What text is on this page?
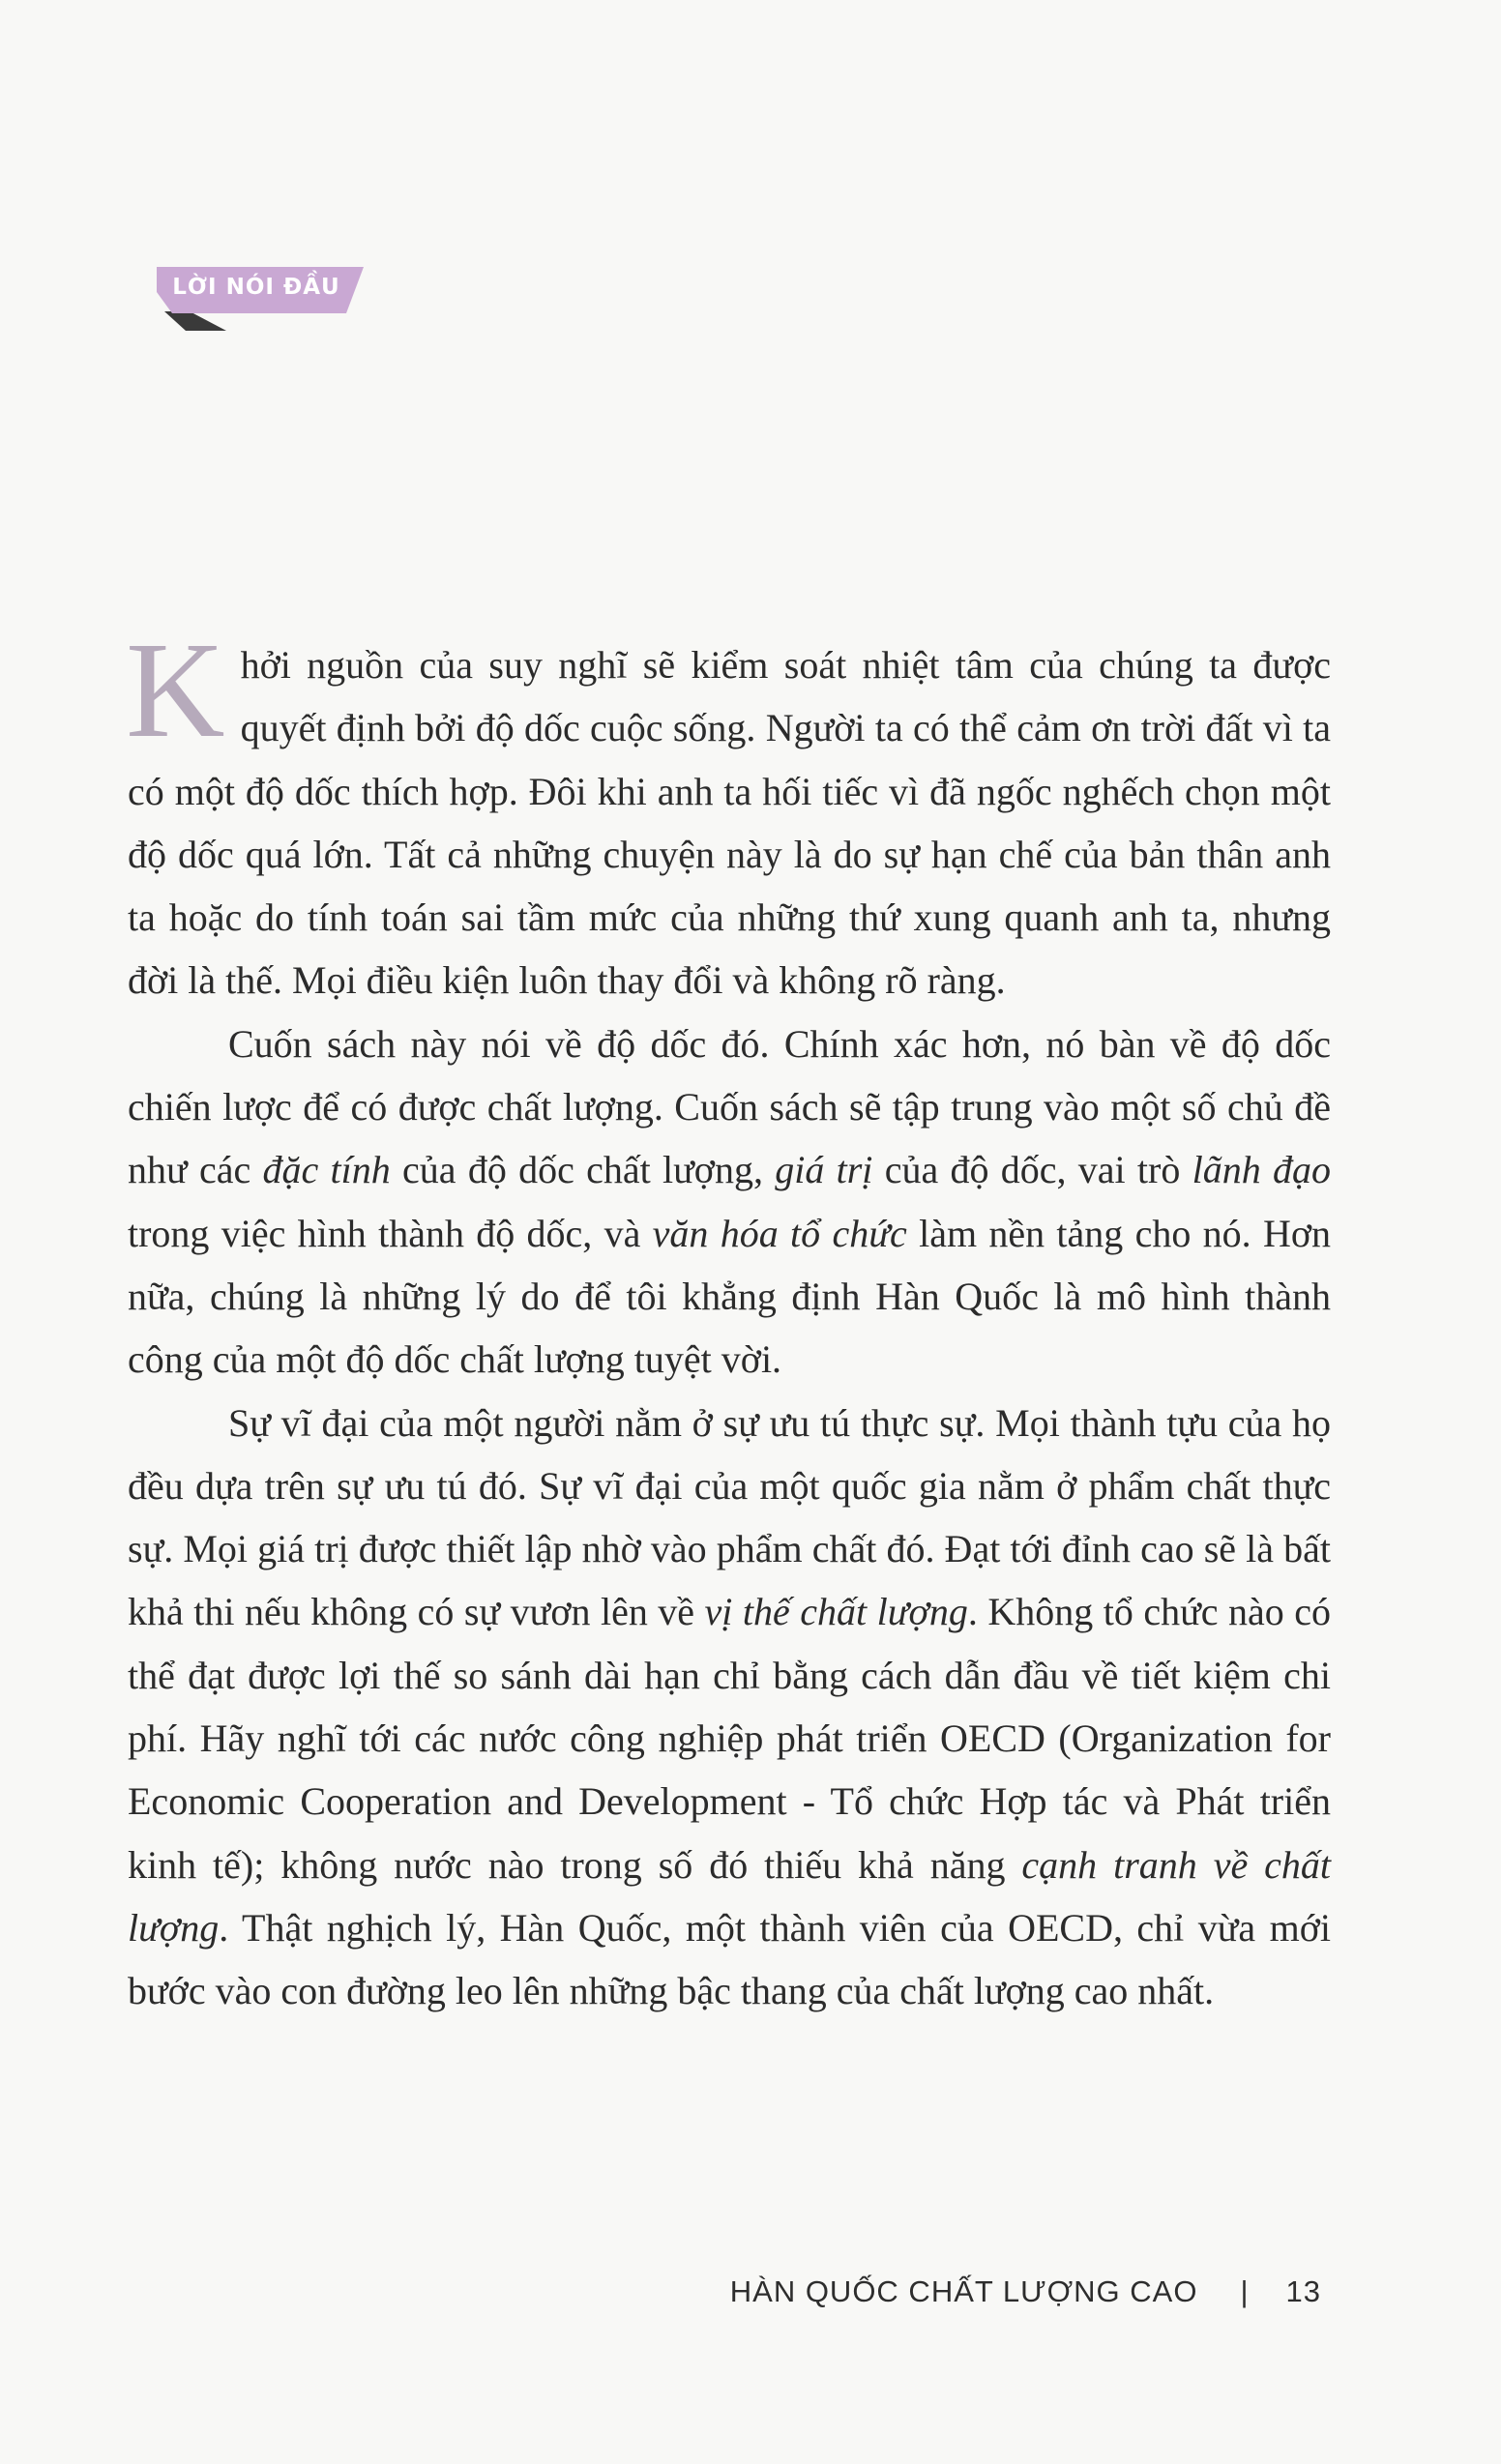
LỜI NÓI ĐẦU

Khởi nguồn của suy nghĩ sẽ kiểm soát nhiệt tâm của chúng ta được quyết định bởi độ dốc cuộc sống. Người ta có thể cảm ơn trời đất vì ta có một độ dốc thích hợp. Đôi khi anh ta hối tiếc vì đã ngốc nghếch chọn một độ dốc quá lớn. Tất cả những chuyện này là do sự hạn chế của bản thân anh ta hoặc do tính toán sai tầm mức của những thứ xung quanh anh ta, nhưng đời là thế. Mọi điều kiện luôn thay đổi và không rõ ràng.

Cuốn sách này nói về độ dốc đó. Chính xác hơn, nó bàn về độ dốc chiến lược để có được chất lượng. Cuốn sách sẽ tập trung vào một số chủ đề như các đặc tính của độ dốc chất lượng, giá trị của độ dốc, vai trò lãnh đạo trong việc hình thành độ dốc, và văn hóa tổ chức làm nền tảng cho nó. Hơn nữa, chúng là những lý do để tôi khẳng định Hàn Quốc là mô hình thành công của một độ dốc chất lượng tuyệt vời.

Sự vĩ đại của một người nằm ở sự ưu tú thực sự. Mọi thành tựu của họ đều dựa trên sự ưu tú đó. Sự vĩ đại của một quốc gia nằm ở phẩm chất thực sự. Mọi giá trị được thiết lập nhờ vào phẩm chất đó. Đạt tới đỉnh cao sẽ là bất khả thi nếu không có sự vươn lên về vị thế chất lượng. Không tổ chức nào có thể đạt được lợi thế so sánh dài hạn chỉ bằng cách dẫn đầu về tiết kiệm chi phí. Hãy nghĩ tới các nước công nghiệp phát triển OECD (Organization for Economic Cooperation and Development - Tổ chức Hợp tác và Phát triển kinh tế); không nước nào trong số đó thiếu khả năng cạnh tranh về chất lượng. Thật nghịch lý, Hàn Quốc, một thành viên của OECD, chỉ vừa mới bước vào con đường leo lên những bậc thang của chất lượng cao nhất.

HÀN QUỐC CHẤT LƯỢNG CAO | 13
